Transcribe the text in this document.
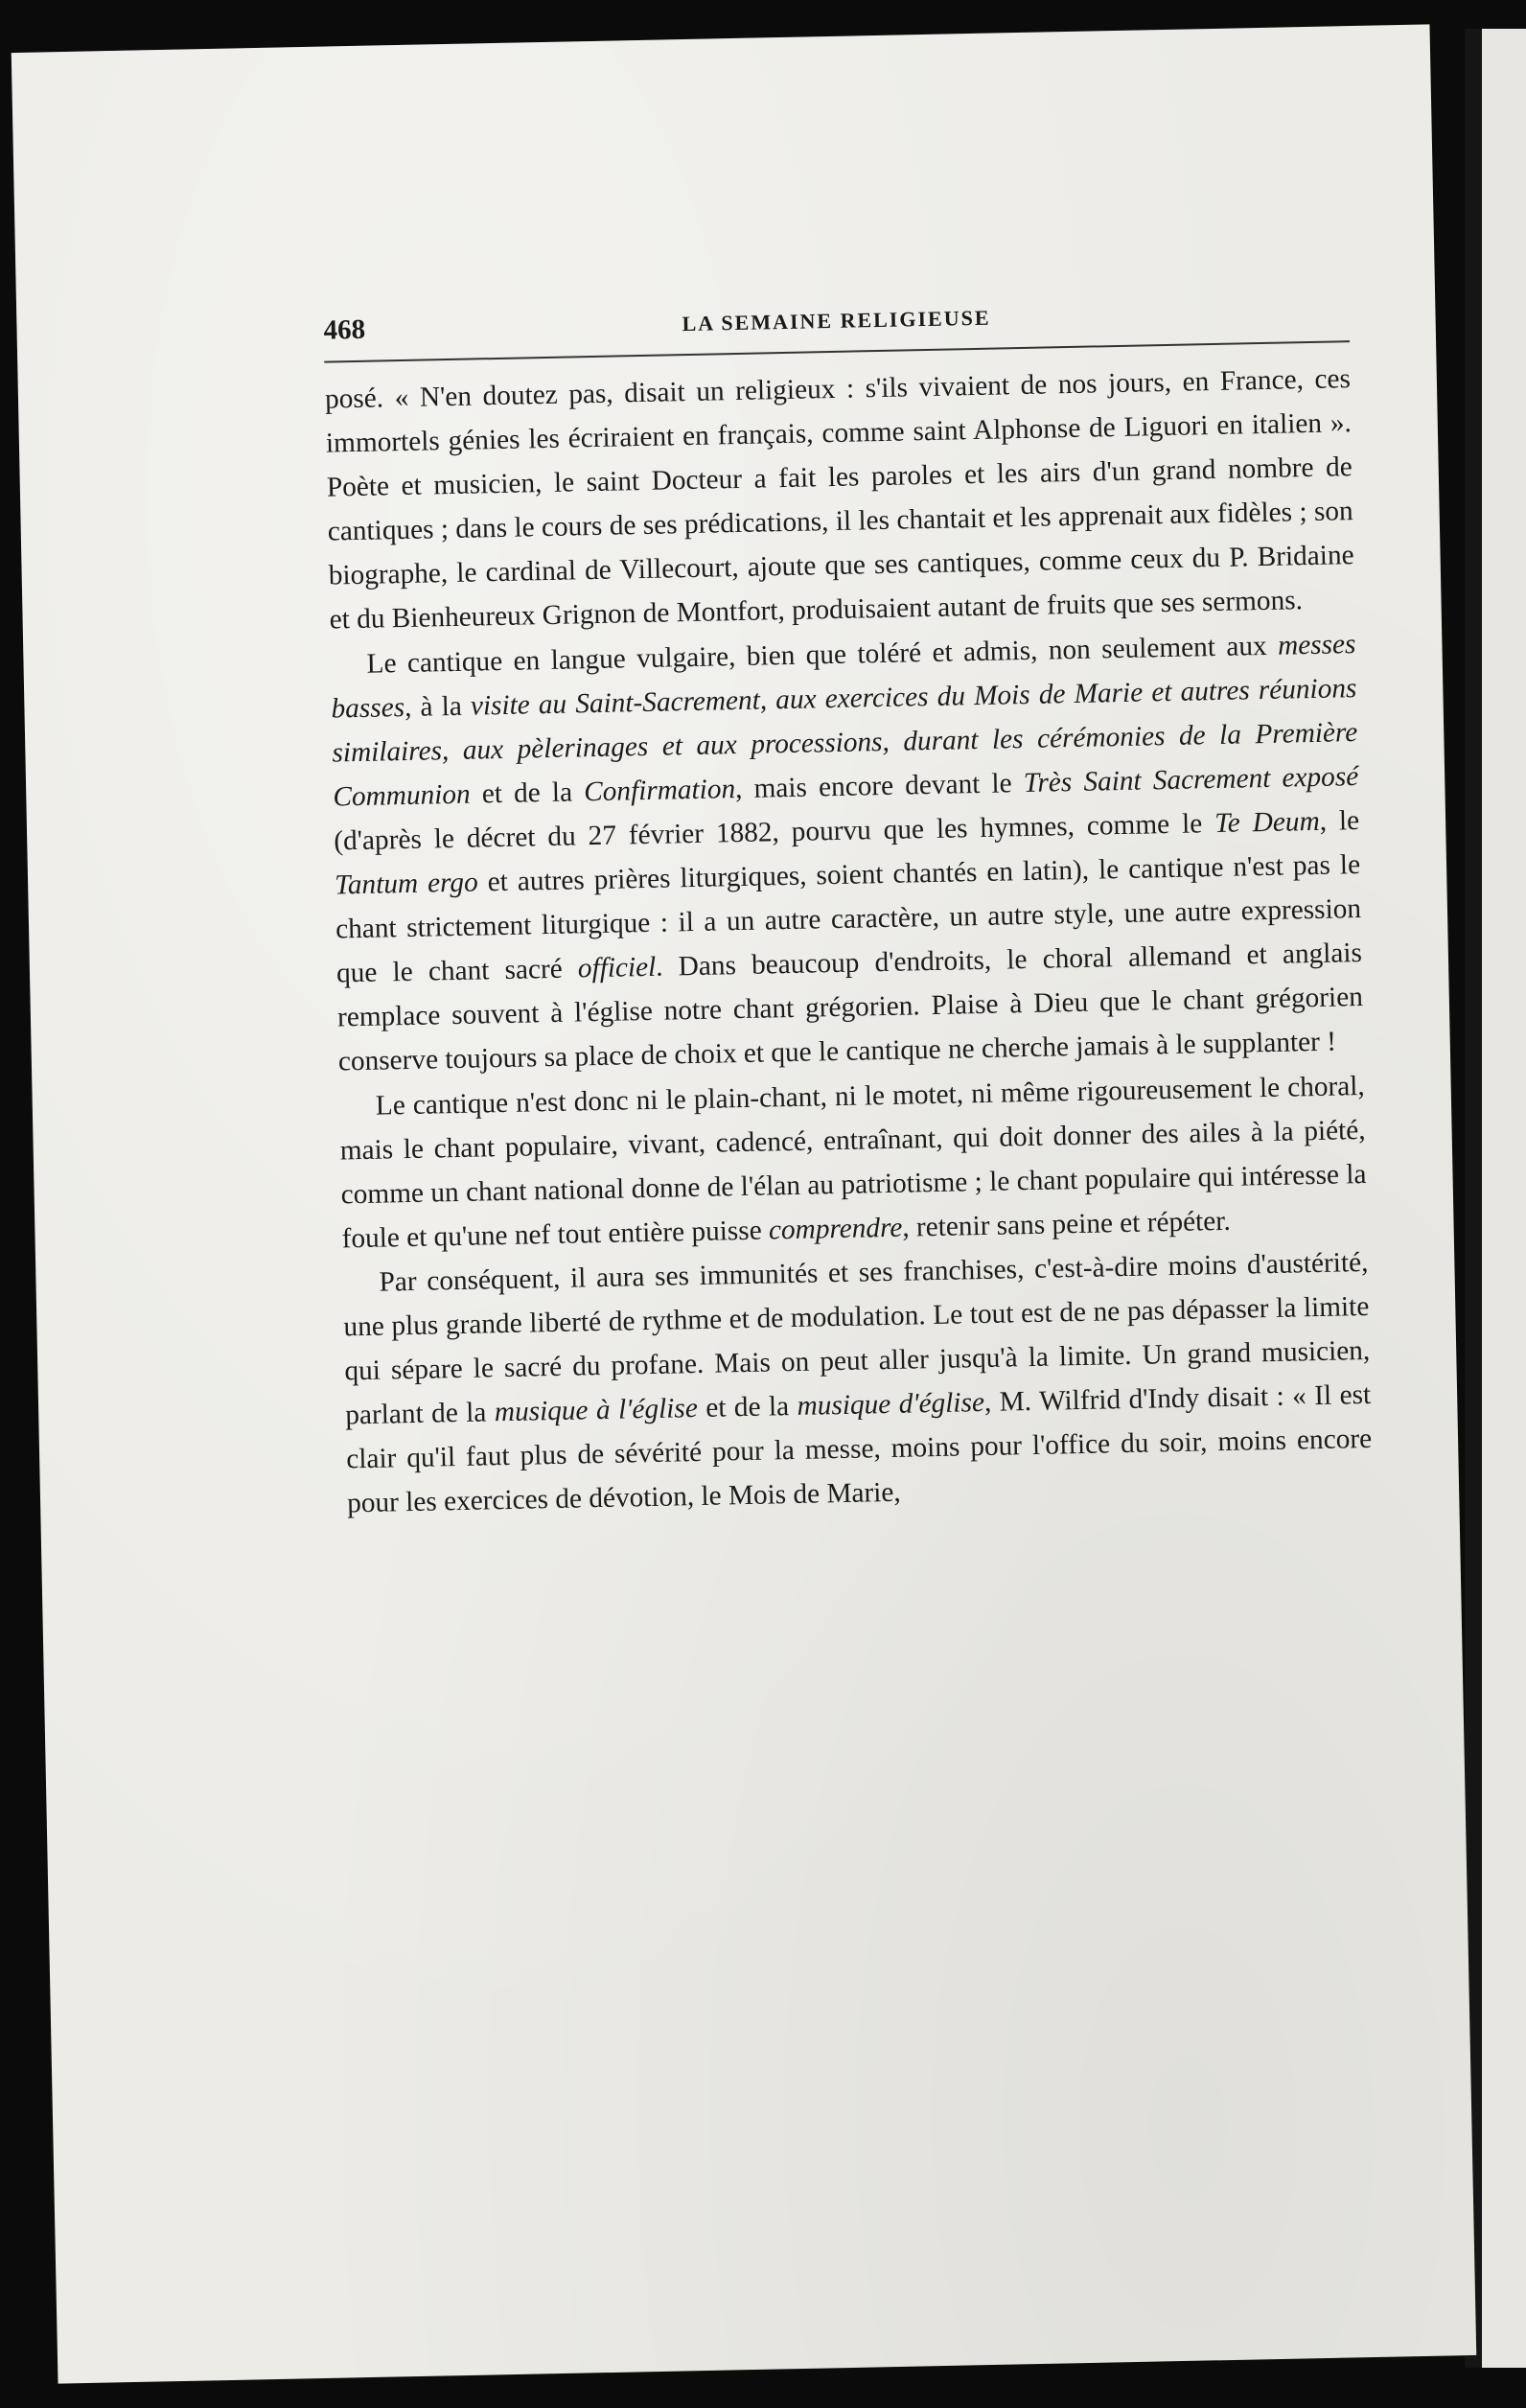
468	LA SEMAINE RELIGIEUSE

posé. « N'en doutez pas, disait un religieux : s'ils vivaient de nos jours, en France, ces immortels génies les écriraient en français, comme saint Alphonse de Liguori en italien ». Poète et musicien, le saint Docteur a fait les paroles et les airs d'un grand nombre de cantiques ; dans le cours de ses prédications, il les chantait et les apprenait aux fidèles ; son biographe, le cardinal de Villecourt, ajoute que ses cantiques, comme ceux du P. Bridaine et du Bienheureux Grignon de Montfort, produisaient autant de fruits que ses sermons.

Le cantique en langue vulgaire, bien que toléré et admis, non seulement aux messes basses, à la visite au Saint-Sacrement, aux exercices du Mois de Marie et autres réunions similaires, aux pèlerinages et aux processions, durant les cérémonies de la Première Communion et de la Confirmation, mais encore devant le Très Saint Sacrement exposé (d'après le décret du 27 février 1882, pourvu que les hymnes, comme le Te Deum, le Tantum ergo et autres prières liturgiques, soient chantés en latin), le cantique n'est pas le chant strictement liturgique : il a un autre caractère, un autre style, une autre expression que le chant sacré officiel. Dans beaucoup d'endroits, le choral allemand et anglais remplace souvent à l'église notre chant grégorien. Plaise à Dieu que le chant grégorien conserve toujours sa place de choix et que le cantique ne cherche jamais à le supplanter !

Le cantique n'est donc ni le plain-chant, ni le motet, ni même rigoureusement le choral, mais le chant populaire, vivant, cadencé, entraînant, qui doit donner des ailes à la piété, comme un chant national donne de l'élan au patriotisme ; le chant populaire qui intéresse la foule et qu'une nef tout entière puisse comprendre, retenir sans peine et répéter.

Par conséquent, il aura ses immunités et ses franchises, c'est-à-dire moins d'austérité, une plus grande liberté de rythme et de modulation. Le tout est de ne pas dépasser la limite qui sépare le sacré du profane. Mais on peut aller jusqu'à la limite. Un grand musicien, parlant de la musique à l'église et de la musique d'église, M. Wilfrid d'Indy disait : « Il est clair qu'il faut plus de sévérité pour la messe, moins pour l'office du soir, moins encore pour les exercices de dévotion, le Mois de Marie,
